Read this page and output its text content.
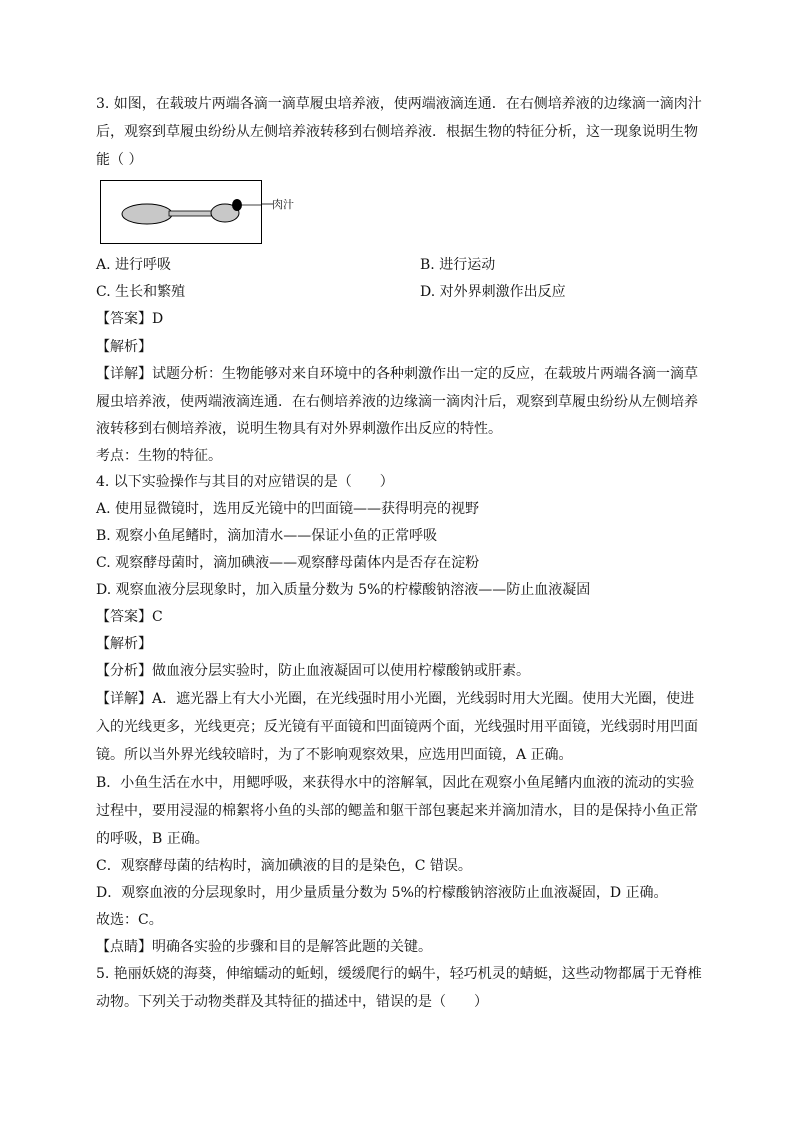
3. 如图，在载玻片两端各滴一滴草履虫培养液，使两端液滴连通．在右侧培养液的边缘滴一滴肉汁
后，观察到草履虫纷纷从左侧培养液转移到右侧培养液．根据生物的特征分析，这一现象说明生物
能（ ）
肉汁
A. 进行呼吸	B. 进行运动
C. 生长和繁殖	D. 对外界刺激作出反应
【答案】D
【解析】
【详解】试题分析：生物能够对来自环境中的各种刺激作出一定的反应，在载玻片两端各滴一滴草
履虫培养液，使两端液滴连通．在右侧培养液的边缘滴一滴肉汁后，观察到草履虫纷纷从左侧培养
液转移到右侧培养液，说明生物具有对外界刺激作出反应的特性。
考点：生物的特征。
4. 以下实验操作与其目的对应错误的是（　　）
A. 使用显微镜时，选用反光镜中的凹面镜——获得明亮的视野
B. 观察小鱼尾鳍时，滴加清水——保证小鱼的正常呼吸
C. 观察酵母菌时，滴加碘液——观察酵母菌体内是否存在淀粉
D. 观察血液分层现象时，加入质量分数为 5%的柠檬酸钠溶液——防止血液凝固
【答案】C
【解析】
【分析】做血液分层实验时，防止血液凝固可以使用柠檬酸钠或肝素。
【详解】A．遮光器上有大小光圈，在光线强时用小光圈，光线弱时用大光圈。使用大光圈，使进
入的光线更多，光线更亮；反光镜有平面镜和凹面镜两个面，光线强时用平面镜，光线弱时用凹面
镜。所以当外界光线较暗时，为了不影响观察效果，应选用凹面镜，A 正确。
B．小鱼生活在水中，用鳃呼吸，来获得水中的溶解氧，因此在观察小鱼尾鳍内血液的流动的实验
过程中，要用浸湿的棉絮将小鱼的头部的鳃盖和躯干部包裹起来并滴加清水，目的是保持小鱼正常
的呼吸，B 正确。
C．观察酵母菌的结构时，滴加碘液的目的是染色，C 错误。
D．观察血液的分层现象时，用少量质量分数为 5%的柠檬酸钠溶液防止血液凝固，D 正确。
故选：C。
【点睛】明确各实验的步骤和目的是解答此题的关键。
5. 艳丽妖娆的海葵，伸缩蠕动的蚯蚓，缓缓爬行的蜗牛，轻巧机灵的蜻蜓，这些动物都属于无脊椎
动物。下列关于动物类群及其特征的描述中，错误的是（　　）
